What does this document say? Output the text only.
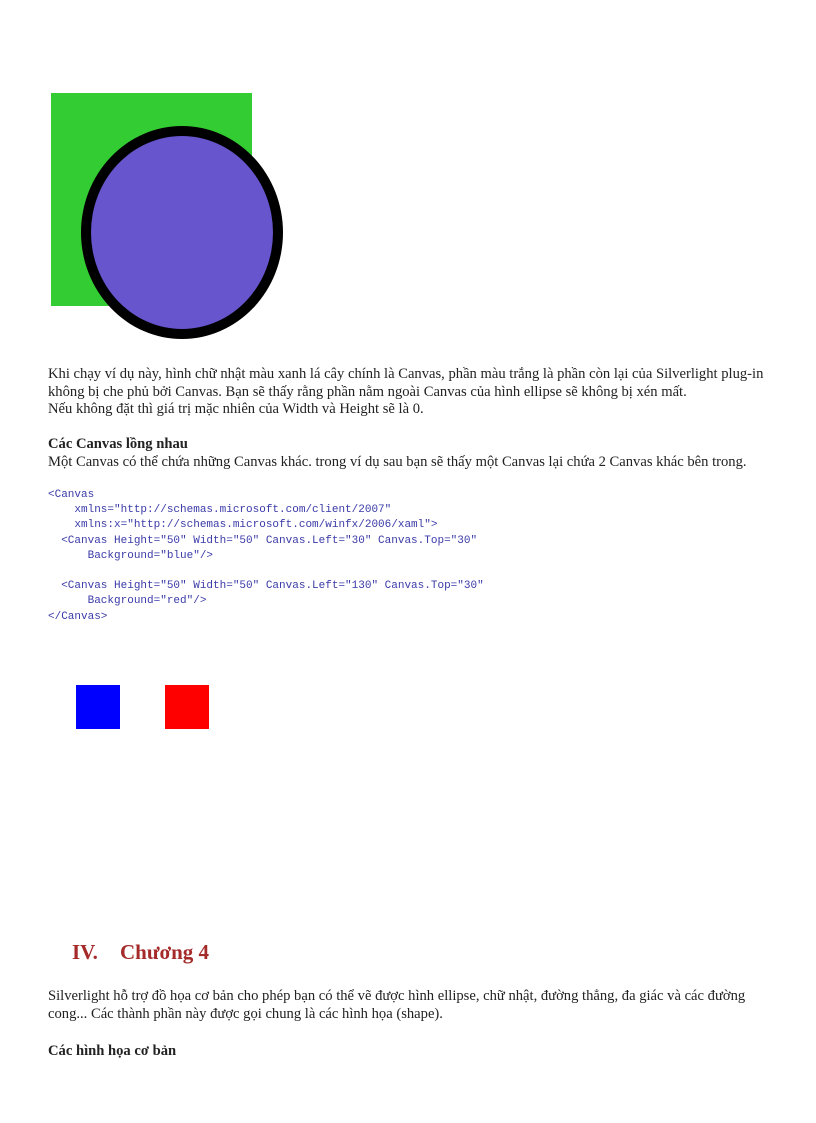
Khi chạy ví dụ này, hình chữ nhật màu xanh lá cây chính là Canvas, phần màu trắng là phần còn lại của Silverlight plug-in không bị che phủ bởi Canvas. Bạn sẽ thấy rằng phần nằm ngoài Canvas của hình ellipse sẽ không bị xén mất.
Nếu không đặt thì giá trị mặc nhiên của Width và Height sẽ là 0.

Các Canvas lồng nhau

Một Canvas có thể chứa những Canvas khác. trong ví dụ sau bạn sẽ thấy một Canvas lại chứa 2 Canvas khác bên trong.

<Canvas
xmlns="http://schemas.microsoft.com/client/2007"
xmlns:x="http://schemas.microsoft.com/winfx/2006/xaml">
<Canvas Height="50" Width="50" Canvas.Left="30" Canvas.Top="30"
Background="blue"/>

<Canvas Height="50" Width="50" Canvas.Left="130" Canvas.Top="30"
Background="red"/>
</Canvas>
IV. Chương 4

Silverlight hỗ trợ đồ họa cơ bản cho phép bạn có thể vẽ được hình ellipse, chữ nhật, đường thẳng, đa giác và các đường cong... Các thành phần này được gọi chung là các hình họa (shape).

Các hình họa cơ bản
